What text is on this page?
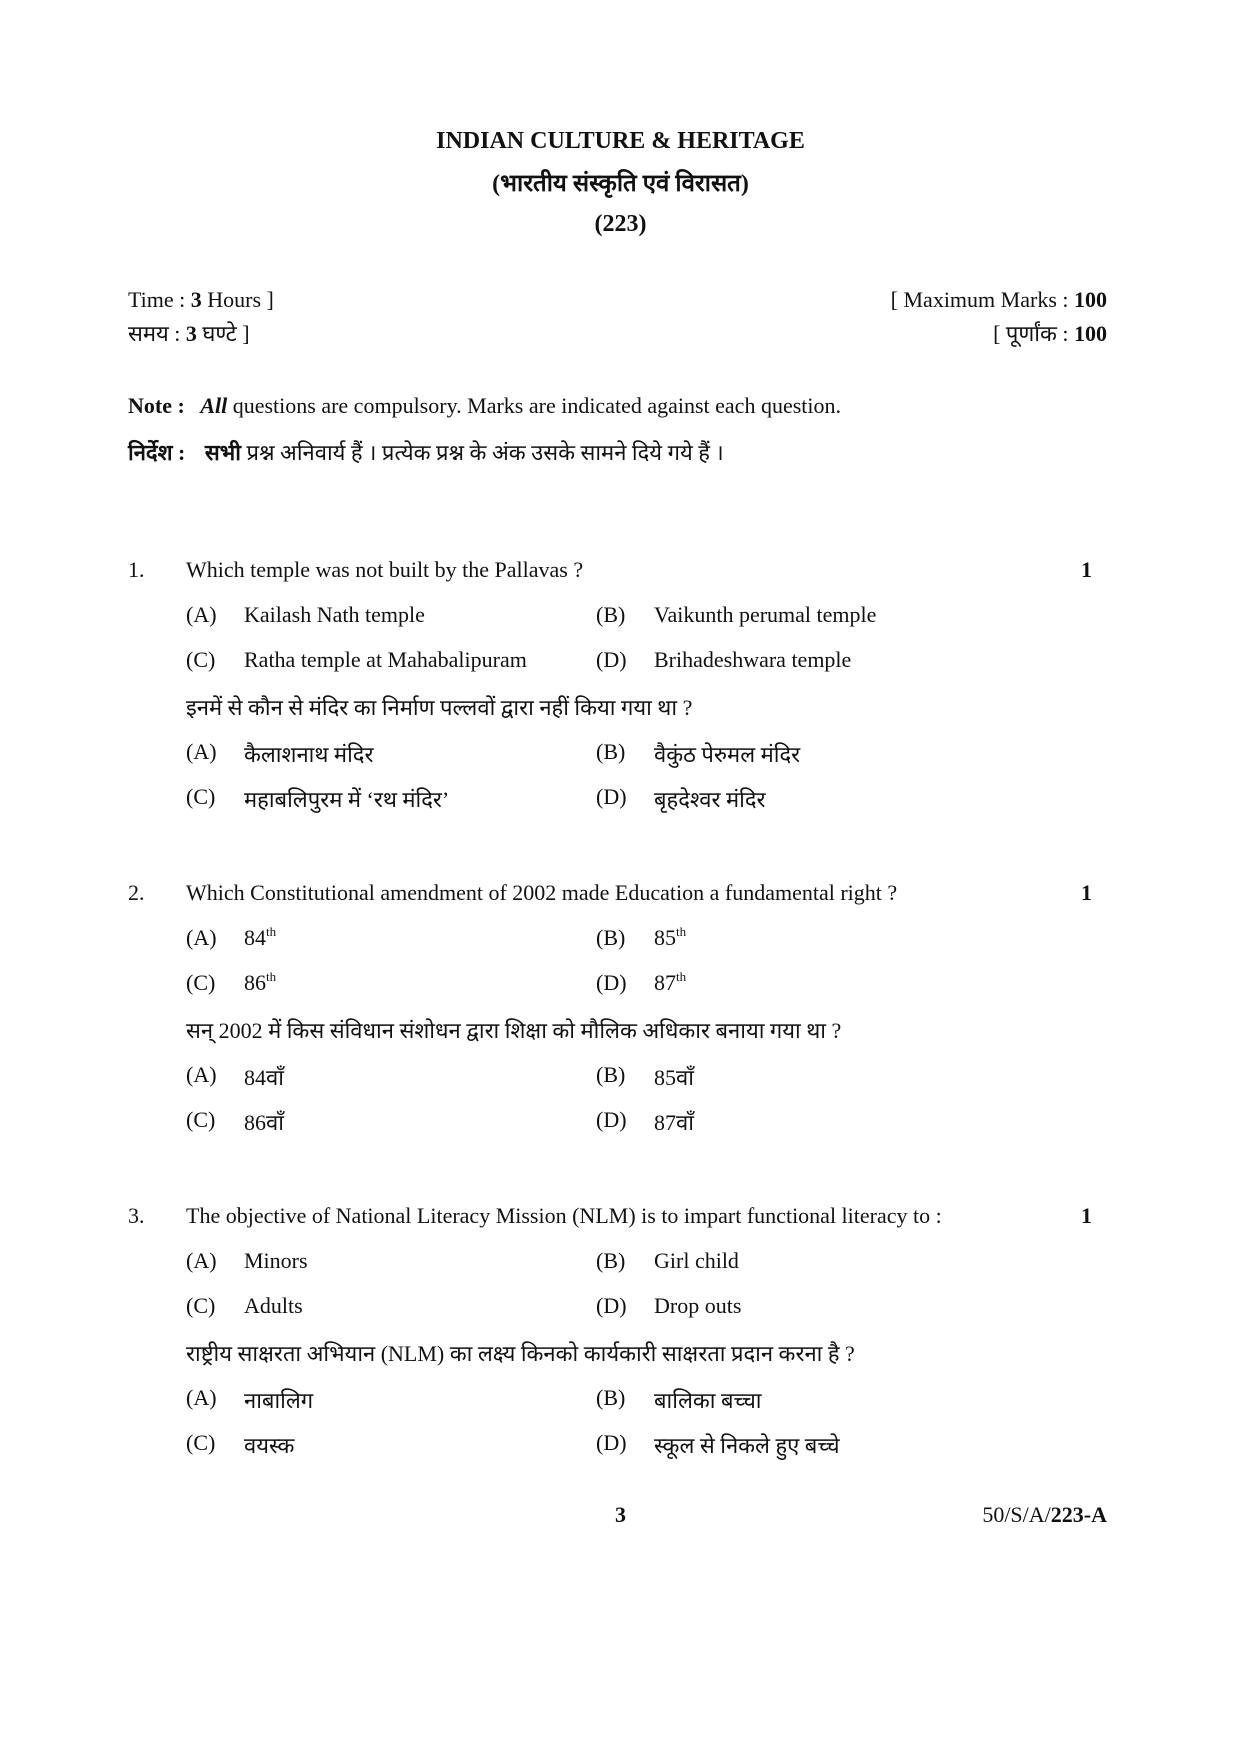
INDIAN CULTURE & HERITAGE
(भारतीय संस्कृति एवं विरासत)
(223)
Time : 3 Hours ]
समय : 3 घण्टे ]
[ Maximum Marks : 100
[ पूर्णांक : 100
Note : All questions are compulsory. Marks are indicated against each question.
निर्देश : सभी प्रश्न अनिवार्य हैं । प्रत्येक प्रश्न के अंक उसके सामने दिये गये हैं ।
1. Which temple was not built by the Pallavas ?	1
(A) Kailash Nath temple	(B) Vaikunth perumal temple
(C) Ratha temple at Mahabalipuram	(D) Brihadeshwara temple
इनमें से कौन से मंदिर का निर्माण पल्लवों द्वारा नहीं किया गया था ?
(A) कैलाशनाथ मंदिर	(B) वैकुंठ पेरुमल मंदिर
(C) महाबलिपुरम में ‘रथ मंदिर’	(D) बृहदेश्वर मंदिर
2. Which Constitutional amendment of 2002 made Education a fundamental right ?	1
(A) 84th	(B) 85th
(C) 86th	(D) 87th
सन् 2002 में किस संविधान संशोधन द्वारा शिक्षा को मौलिक अधिकार बनाया गया था ?
(A) 84वाँ	(B) 85वाँ
(C) 86वाँ	(D) 87वाँ
3. The objective of National Literacy Mission (NLM) is to impart functional literacy to :	1
(A) Minors	(B) Girl child
(C) Adults	(D) Drop outs
राष्ट्रीय साक्षरता अभियान (NLM) का लक्ष्य किनको कार्यकारी साक्षरता प्रदान करना है ?
(A) नाबालिग	(B) बालिका बच्चा
(C) वयस्क	(D) स्कूल से निकले हुए बच्चे
3	50/S/A/223-A
